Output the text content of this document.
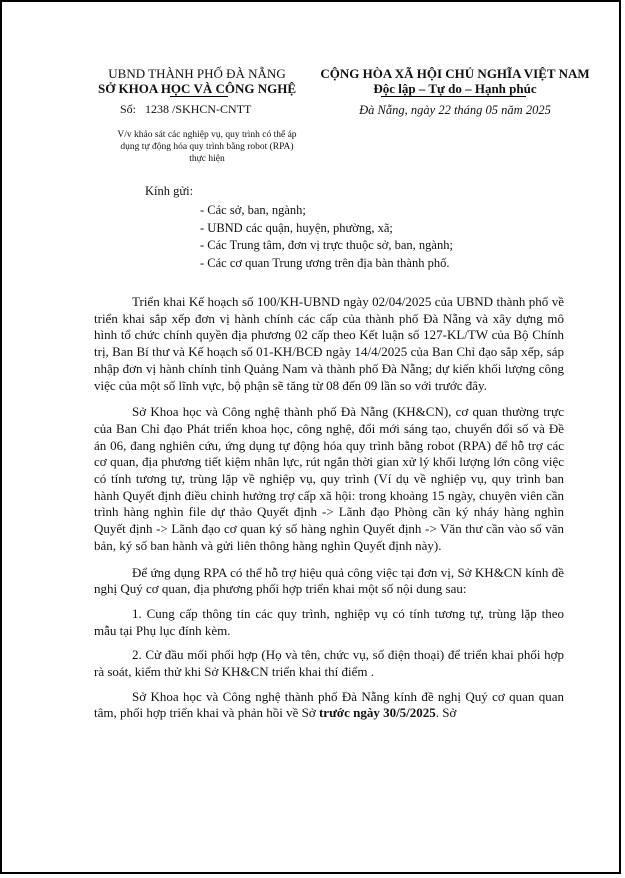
UBND THÀNH PHỐ ĐÀ NẴNG
SỞ KHOA HỌC VÀ CÔNG NGHỆ
Số: 1238 /SKHCN-CNTT
V/v khảo sát các nghiệp vụ, quy trình có thể áp
dụng tự động hóa quy trình bằng robot (RPA)
thực hiện
CỘNG HÒA XÃ HỘI CHỦ NGHĨA VIỆT NAM
Độc lập – Tự do – Hạnh phúc
Đà Nẵng, ngày 22 tháng 05 năm 2025
Kính gửi:
- Các sở, ban, ngành;
- UBND các quận, huyện, phường, xã;
- Các Trung tâm, đơn vị trực thuộc sở, ban, ngành;
- Các cơ quan Trung ương trên địa bàn thành phố.

Triển khai Kế hoạch số 100/KH-UBND ngày 02/04/2025 của UBND thành phố về triển khai sắp xếp đơn vị hành chính các cấp của thành phố Đà Nẵng và xây dựng mô hình tổ chức chính quyền địa phương 02 cấp theo Kết luận số 127-KL/TW của Bộ Chính trị, Ban Bí thư và Kế hoạch số 01-KH/BCĐ ngày 14/4/2025 của Ban Chỉ đạo sắp xếp, sáp nhập đơn vị hành chính tỉnh Quảng Nam và thành phố Đà Nẵng; dự kiến khối lượng công việc của một số lĩnh vực, bộ phận sẽ tăng từ 08 đến 09 lần so với trước đây.

Sở Khoa học và Công nghệ thành phố Đà Nẵng (KH&CN), cơ quan thường trực của Ban Chỉ đạo Phát triển khoa học, công nghệ, đổi mới sáng tạo, chuyển đổi số và Đề án 06, đang nghiên cứu, ứng dụng tự động hóa quy trình bằng robot (RPA) để hỗ trợ các cơ quan, địa phương tiết kiệm nhân lực, rút ngắn thời gian xử lý khối lượng lớn công việc có tính tương tự, trùng lặp về nghiệp vụ, quy trình (Ví dụ về nghiệp vụ, quy trình ban hành Quyết định điều chỉnh hưởng trợ cấp xã hội: trong khoảng 15 ngày, chuyên viên cần trình hàng nghìn file dự thảo Quyết định -> Lãnh đạo Phòng cần ký nháy hàng nghìn Quyết định -> Lãnh đạo cơ quan ký số hàng nghìn Quyết định -> Văn thư cần vào số văn bản, ký số ban hành và gửi liên thông hàng nghìn Quyết định này).

Để ứng dụng RPA có thể hỗ trợ hiệu quả công việc tại đơn vị, Sở KH&CN kính đề nghị Quý cơ quan, địa phương phối hợp triển khai một số nội dung sau:

1. Cung cấp thông tin các quy trình, nghiệp vụ có tính tương tự, trùng lặp theo mẫu tại Phụ lục đính kèm.

2. Cử đầu mối phối hợp (Họ và tên, chức vụ, số điện thoại) để triển khai phối hợp rà soát, kiểm thử khi Sở KH&CN triển khai thí điểm .

Sở Khoa học và Công nghệ thành phố Đà Nẵng kính đề nghị Quý cơ quan quan tâm, phối hợp triển khai và phản hồi về Sở trước ngày 30/5/2025. Sở
